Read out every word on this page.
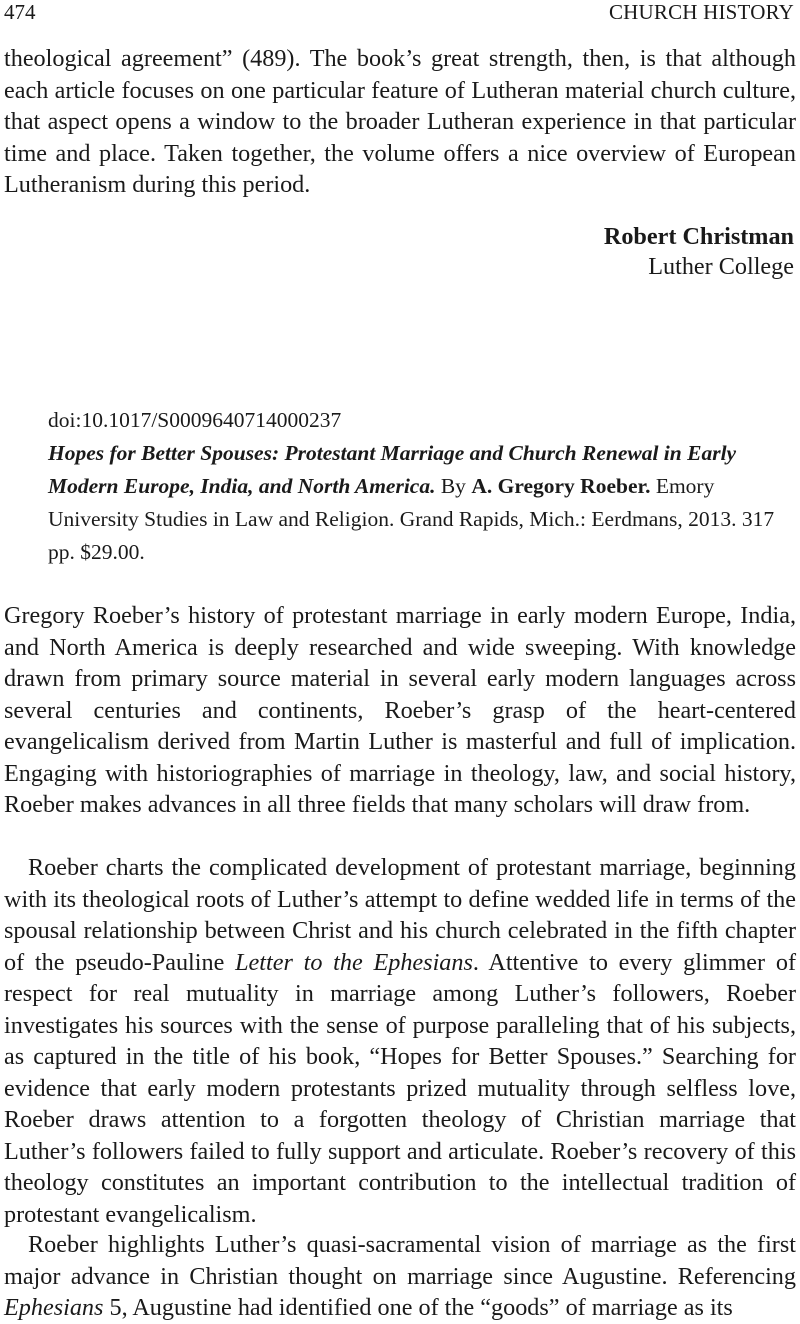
474	CHURCH HISTORY

theological agreement” (489). The book’s great strength, then, is that although each article focuses on one particular feature of Lutheran material church culture, that aspect opens a window to the broader Lutheran experience in that particular time and place. Taken together, the volume offers a nice overview of European Lutheranism during this period.

Robert Christman
Luther College
doi:10.1017/S0009640714000237
Hopes for Better Spouses: Protestant Marriage and Church Renewal in Early Modern Europe, India, and North America. By A. Gregory Roeber. Emory University Studies in Law and Religion. Grand Rapids, Mich.: Eerdmans, 2013. 317 pp. $29.00.

Gregory Roeber’s history of protestant marriage in early modern Europe, India, and North America is deeply researched and wide sweeping. With knowledge drawn from primary source material in several early modern languages across several centuries and continents, Roeber’s grasp of the heart-centered evangelicalism derived from Martin Luther is masterful and full of implication. Engaging with historiographies of marriage in theology, law, and social history, Roeber makes advances in all three fields that many scholars will draw from.

Roeber charts the complicated development of protestant marriage, beginning with its theological roots of Luther’s attempt to define wedded life in terms of the spousal relationship between Christ and his church celebrated in the fifth chapter of the pseudo-Pauline Letter to the Ephesians. Attentive to every glimmer of respect for real mutuality in marriage among Luther’s followers, Roeber investigates his sources with the sense of purpose paralleling that of his subjects, as captured in the title of his book, “Hopes for Better Spouses.” Searching for evidence that early modern protestants prized mutuality through selfless love, Roeber draws attention to a forgotten theology of Christian marriage that Luther’s followers failed to fully support and articulate. Roeber’s recovery of this theology constitutes an important contribution to the intellectual tradition of protestant evangelicalism.

Roeber highlights Luther’s quasi-sacramental vision of marriage as the first major advance in Christian thought on marriage since Augustine. Referencing Ephesians 5, Augustine had identified one of the “goods” of marriage as its
